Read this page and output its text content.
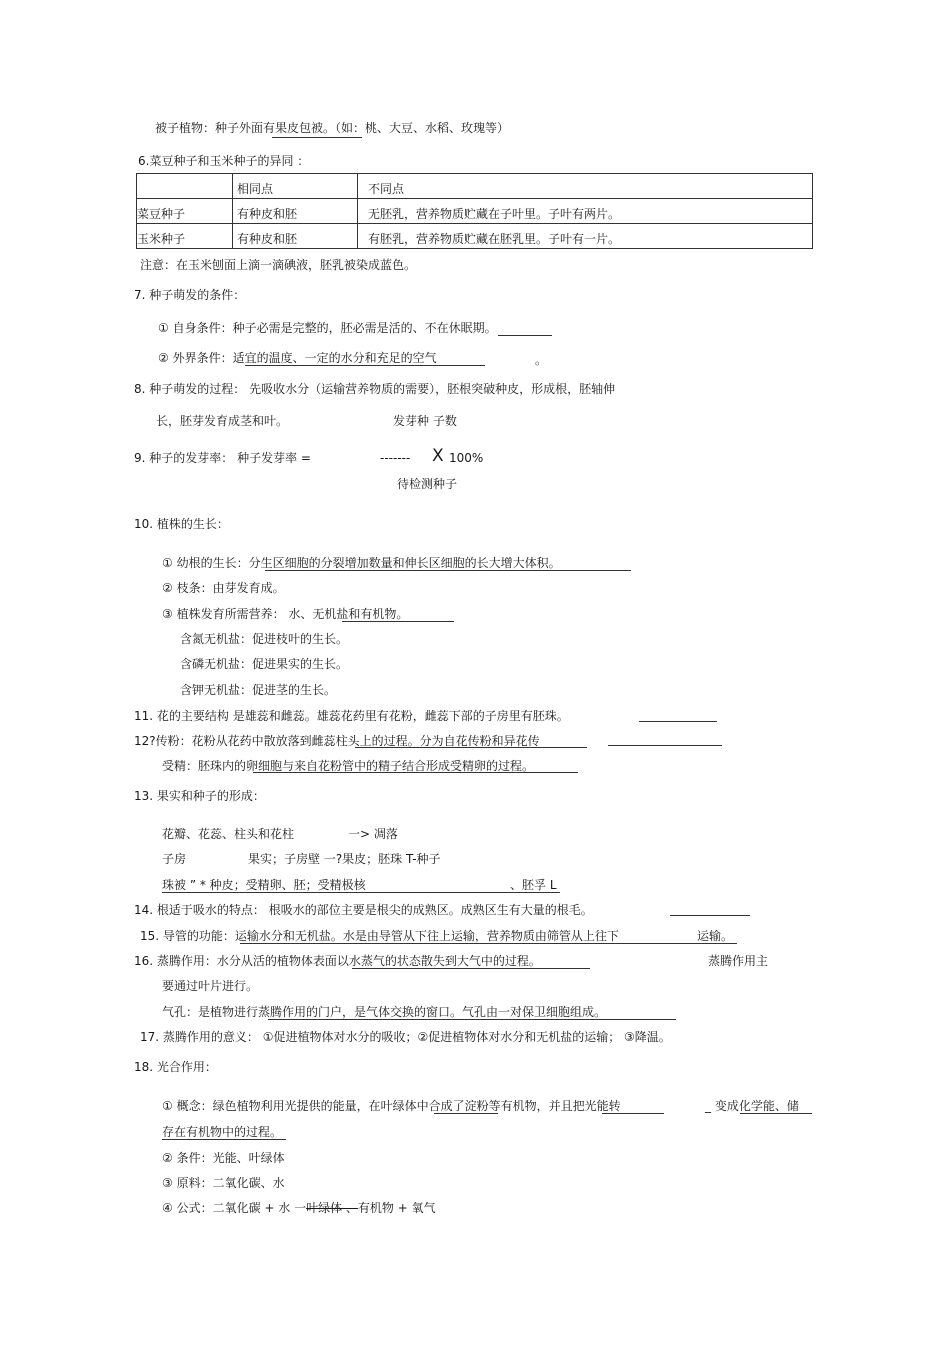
被子植物：种子外面有果皮包被。（如：桃、大豆、水稻、玫瑰等）
6.菜豆种子和玉米种子的异同 ：
	相同点	不同点
菜豆种子	有种皮和胚	无胚乳，营养物质贮藏在子叶里。子叶有两片。
玉米种子	有种皮和胚	有胚乳，营养物质贮藏在胚乳里。子叶有一片。
注意：在玉米刨面上滴一滴碘液，胚乳被染成蓝色。
7. 种子萌发的条件：
① 自身条件：种子必需是完整的，胚必需是活的、不在休眠期。
② 外界条件：适宜的温度、一定的水分和充足的空气	。
8. 种子萌发的过程： 先吸收水分（运输营养物质的需要），胚根突破种皮，形成根，胚轴伸
长，胚芽发育成茎和叶。	发芽种 子数
9. 种子的发芽率： 种子发芽率 =	------- X 100%
待检测种子
10. 植株的生长：
① 幼根的生长：分生区细胞的分裂增加数量和伸长区细胞的长大增大体积。
② 枝条：由芽发育成。
③ 植株发育所需营养： 水、无机盐和有机物。
含氮无机盐：促进枝叶的生长。
含磷无机盐：促进果实的生长。
含钾无机盐：促进茎的生长。
11. 花的主要结构 是雄蕊和雌蕊。雄蕊花药里有花粉，雌蕊下部的子房里有胚珠。
12?传粉：花粉从花药中散放落到雌蕊柱头上的过程。分为自花传粉和异花传
受精：胚珠内的卵细胞与来自花粉管中的精子结合形成受精卵的过程。
13. 果实和种子的形成：
花瓣、花蕊、柱头和花柱	一> 凋落
子房	果实；子房壁 一?果皮；胚珠 T-种子
珠被 ” * 种皮；受精卵、胚；受精极核	、胚孚 L
14. 根适于吸水的特点： 根吸水的部位主要是根尖的成熟区。成熟区生有大量的根毛。
15. 导管的功能：运输水分和无机盐。水是由导管从下往上运输，营养物质由筛管从上往下	运输。
16. 蒸腾作用：水分从活的植物体表面以水蒸气的状态散失到大气中的过程。	蒸腾作用主
要通过叶片进行。
气孔：是植物进行蒸腾作用的门户，是气体交换的窗口。气孔由一对保卫细胞组成。
17. 蒸腾作用的意义： ①促进植物体对水分的吸收；②促进植物体对水分和无机盐的运输； ③降温。
18. 光合作用：
① 概念：绿色植物利用光提供的能量，在叶绿体中合成了淀粉等有机物，并且把光能转	_ 变成化学能、储
存在有机物中的过程。
② 条件：光能、叶绿体
③ 原料：二氧化碳、水
④ 公式：二氧化碳 + 水 一叶绿体 、有机物 + 氧气
